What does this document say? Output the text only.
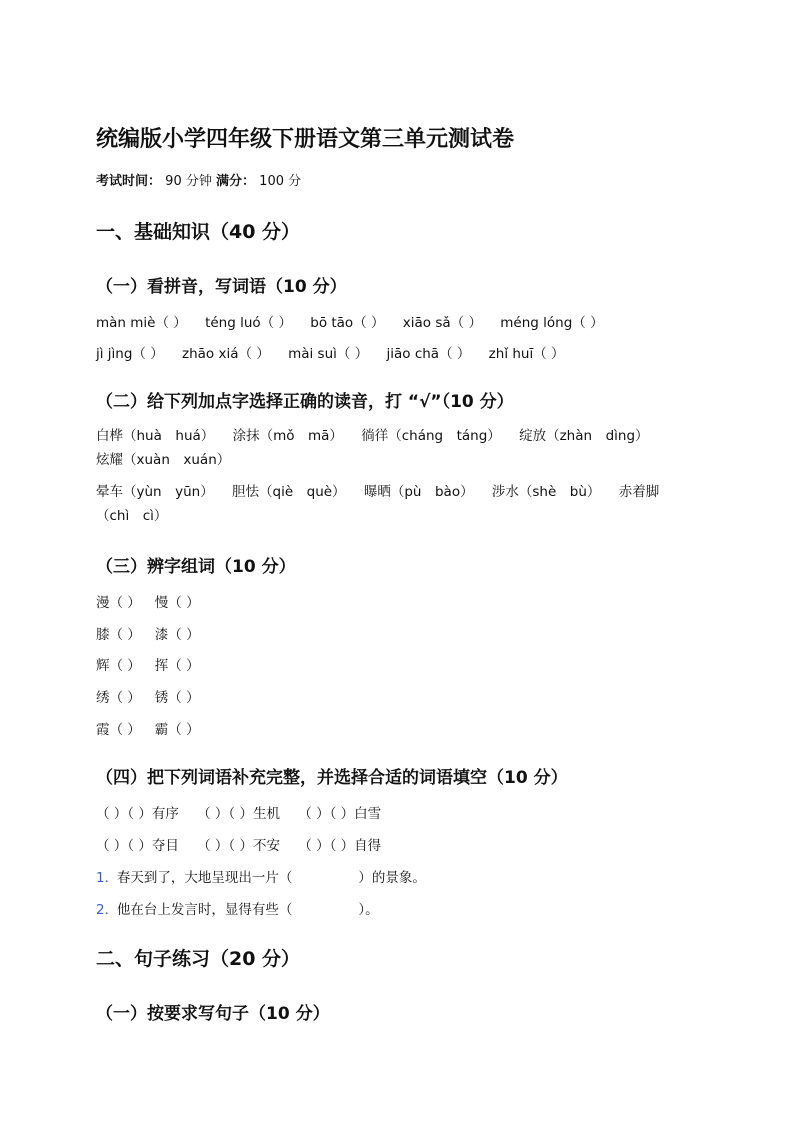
统编版小学四年级下册语文第三单元测试卷
考试时间： 90 分钟 满分： 100 分
一、基础知识（40 分）
（一）看拼音，写词语（10 分）
màn miè（ ） téng luó（ ） bō tāo（ ） xiāo sǎ（ ） méng lóng（ ）
jì jìng（ ） zhāo xiá（ ） mài suì（ ） jiāo chā（ ） zhǐ huī（ ）
（二）给下列加点字选择正确的读音，打 “√”（10 分）
白桦（huà　huá） 涂抹（mǒ　mā） 徜徉（cháng　táng） 绽放（zhàn　dìng） 炫耀（xuàn　xuán）
晕车（yùn　yūn） 胆怯（qiè　què） 曝晒（pù　bào） 涉水（shè　bù） 赤着脚（chì　cì）
（三）辨字组词（10 分）
漫（ ） 慢（ ）
膝（ ） 漆（ ）
辉（ ） 挥（ ）
绣（ ） 锈（ ）
霞（ ） 霸（ ）
（四）把下列词语补充完整，并选择合适的词语填空（10 分）
（ ）（ ）有序 （ ）（ ）生机 （ ）（ ）白雪
（ ）（ ）夺目 （ ）（ ）不安 （ ）（ ）自得
1. 春天到了，大地呈现出一片（	）的景象。
2. 他在台上发言时，显得有些（	）。
二、句子练习（20 分）
（一）按要求写句子（10 分）
